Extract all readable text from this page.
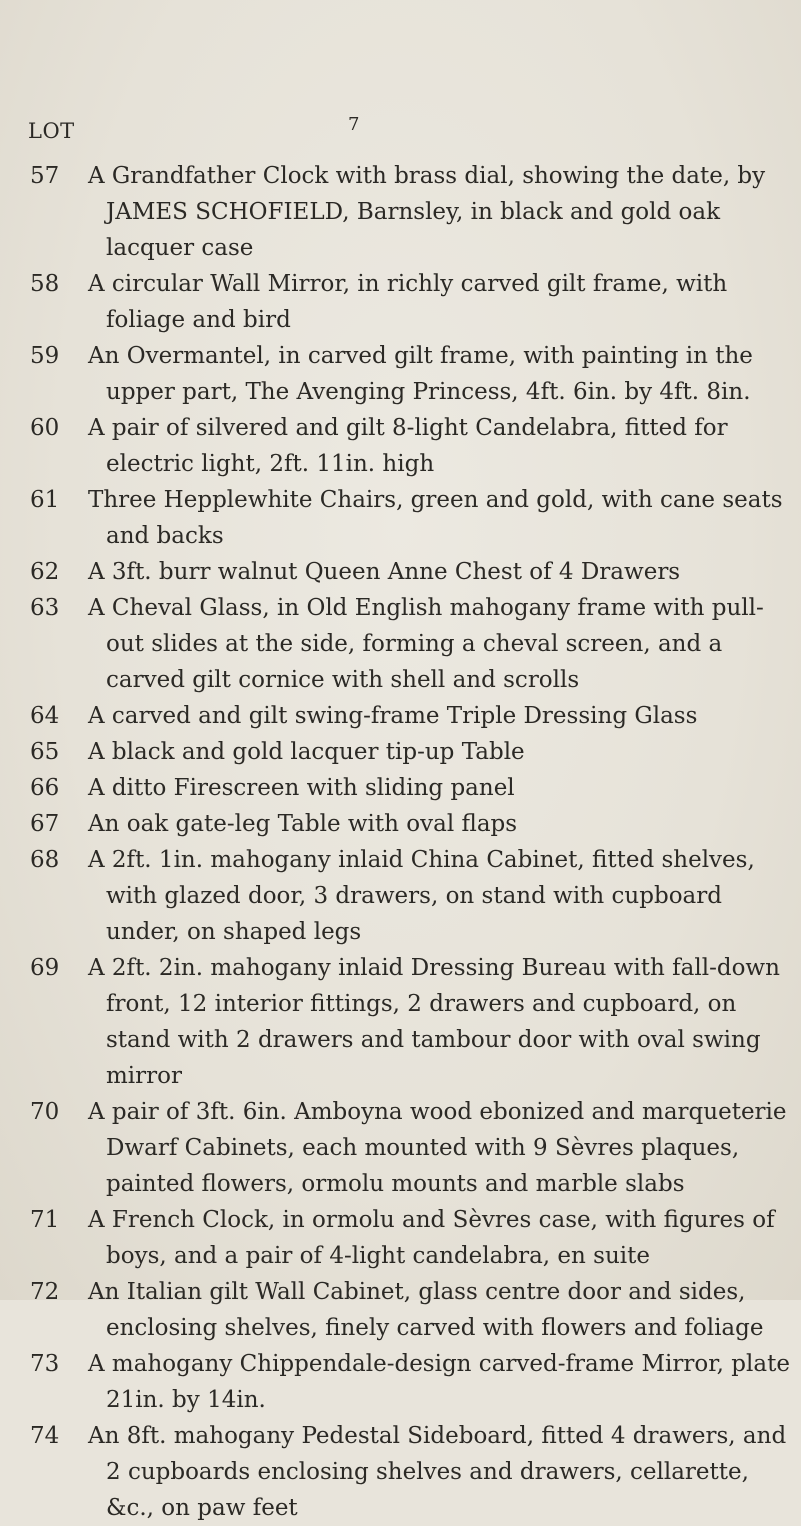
LOT	7
57 A Grandfather Clock with brass dial, showing the date, by JAMES SCHOFIELD, Barnsley, in black and gold oak lacquer case
58 A circular Wall Mirror, in richly carved gilt frame, with foliage and bird
59 An Overmantel, in carved gilt frame, with painting in the upper part, The Avenging Princess, 4ft. 6in. by 4ft. 8in.
60 A pair of silvered and gilt 8-light Candelabra, fitted for electric light, 2ft. 11in. high
61 Three Hepplewhite Chairs, green and gold, with cane seats and backs
62 A 3ft. burr walnut Queen Anne Chest of 4 Drawers
63 A Cheval Glass, in Old English mahogany frame with pull-out slides at the side, forming a cheval screen, and a carved gilt cornice with shell and scrolls
64 A carved and gilt swing-frame Triple Dressing Glass
65 A black and gold lacquer tip-up Table
66 A ditto Firescreen with sliding panel
67 An oak gate-leg Table with oval flaps
68 A 2ft. 1in. mahogany inlaid China Cabinet, fitted shelves, with glazed door, 3 drawers, on stand with cupboard under, on shaped legs
69 A 2ft. 2in. mahogany inlaid Dressing Bureau with fall-down front, 12 interior fittings, 2 drawers and cupboard, on stand with 2 drawers and tambour door with oval swing mirror
70 A pair of 3ft. 6in. Amboyna wood ebonized and marqueterie Dwarf Cabinets, each mounted with 9 Sèvres plaques, painted flowers, ormolu mounts and marble slabs
71 A French Clock, in ormolu and Sèvres case, with figures of boys, and a pair of 4-light candelabra, en suite
72 An Italian gilt Wall Cabinet, glass centre door and sides, enclosing shelves, finely carved with flowers and foliage
73 A mahogany Chippendale-design carved-frame Mirror, plate 21in. by 14in.
74 An 8ft. mahogany Pedestal Sideboard, fitted 4 drawers, and 2 cupboards enclosing shelves and drawers, cellarette, &c., on paw feet
